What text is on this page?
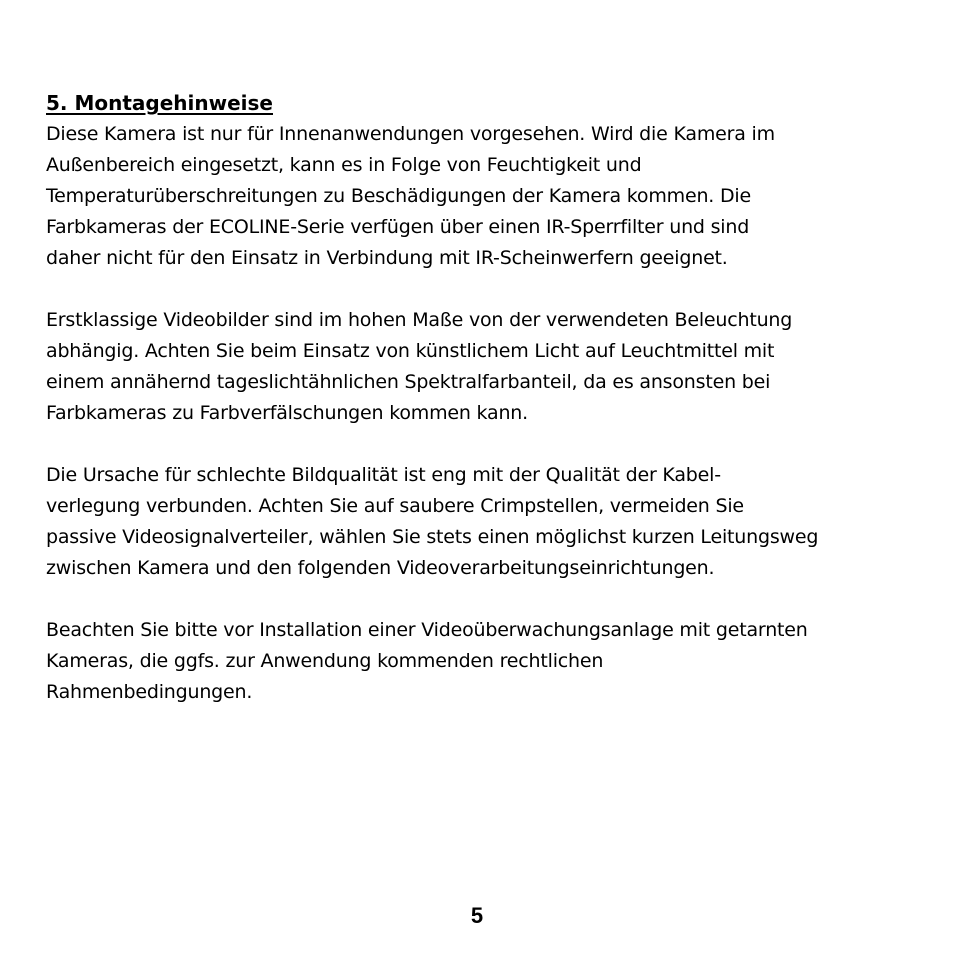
5. Montagehinweise

Diese Kamera ist nur für Innenanwendungen vorgesehen. Wird die Kamera im
Außenbereich eingesetzt, kann es in Folge von Feuchtigkeit und
Temperaturüberschreitungen zu Beschädigungen der Kamera kommen. Die
Farbkameras der ECOLINE-Serie verfügen über einen IR-Sperrfilter und sind
daher nicht für den Einsatz in Verbindung mit IR-Scheinwerfern geeignet.

Erstklassige Videobilder sind im hohen Maße von der verwendeten Beleuchtung
abhängig. Achten Sie beim Einsatz von künstlichem Licht auf Leuchtmittel mit
einem annähernd tageslichtähnlichen Spektralfarbanteil, da es ansonsten bei
Farbkameras zu Farbverfälschungen kommen kann.

Die Ursache für schlechte Bildqualität ist eng mit der Qualität der Kabel-
verlegung verbunden. Achten Sie auf saubere Crimpstellen, vermeiden Sie
passive Videosignalverteiler, wählen Sie stets einen möglichst kurzen Leitungsweg
zwischen Kamera und den folgenden Videoverarbeitungseinrichtungen.

Beachten Sie bitte vor Installation einer Videoüberwachungsanlage mit getarnten
Kameras, die ggfs. zur Anwendung kommenden rechtlichen
Rahmenbedingungen.

5
